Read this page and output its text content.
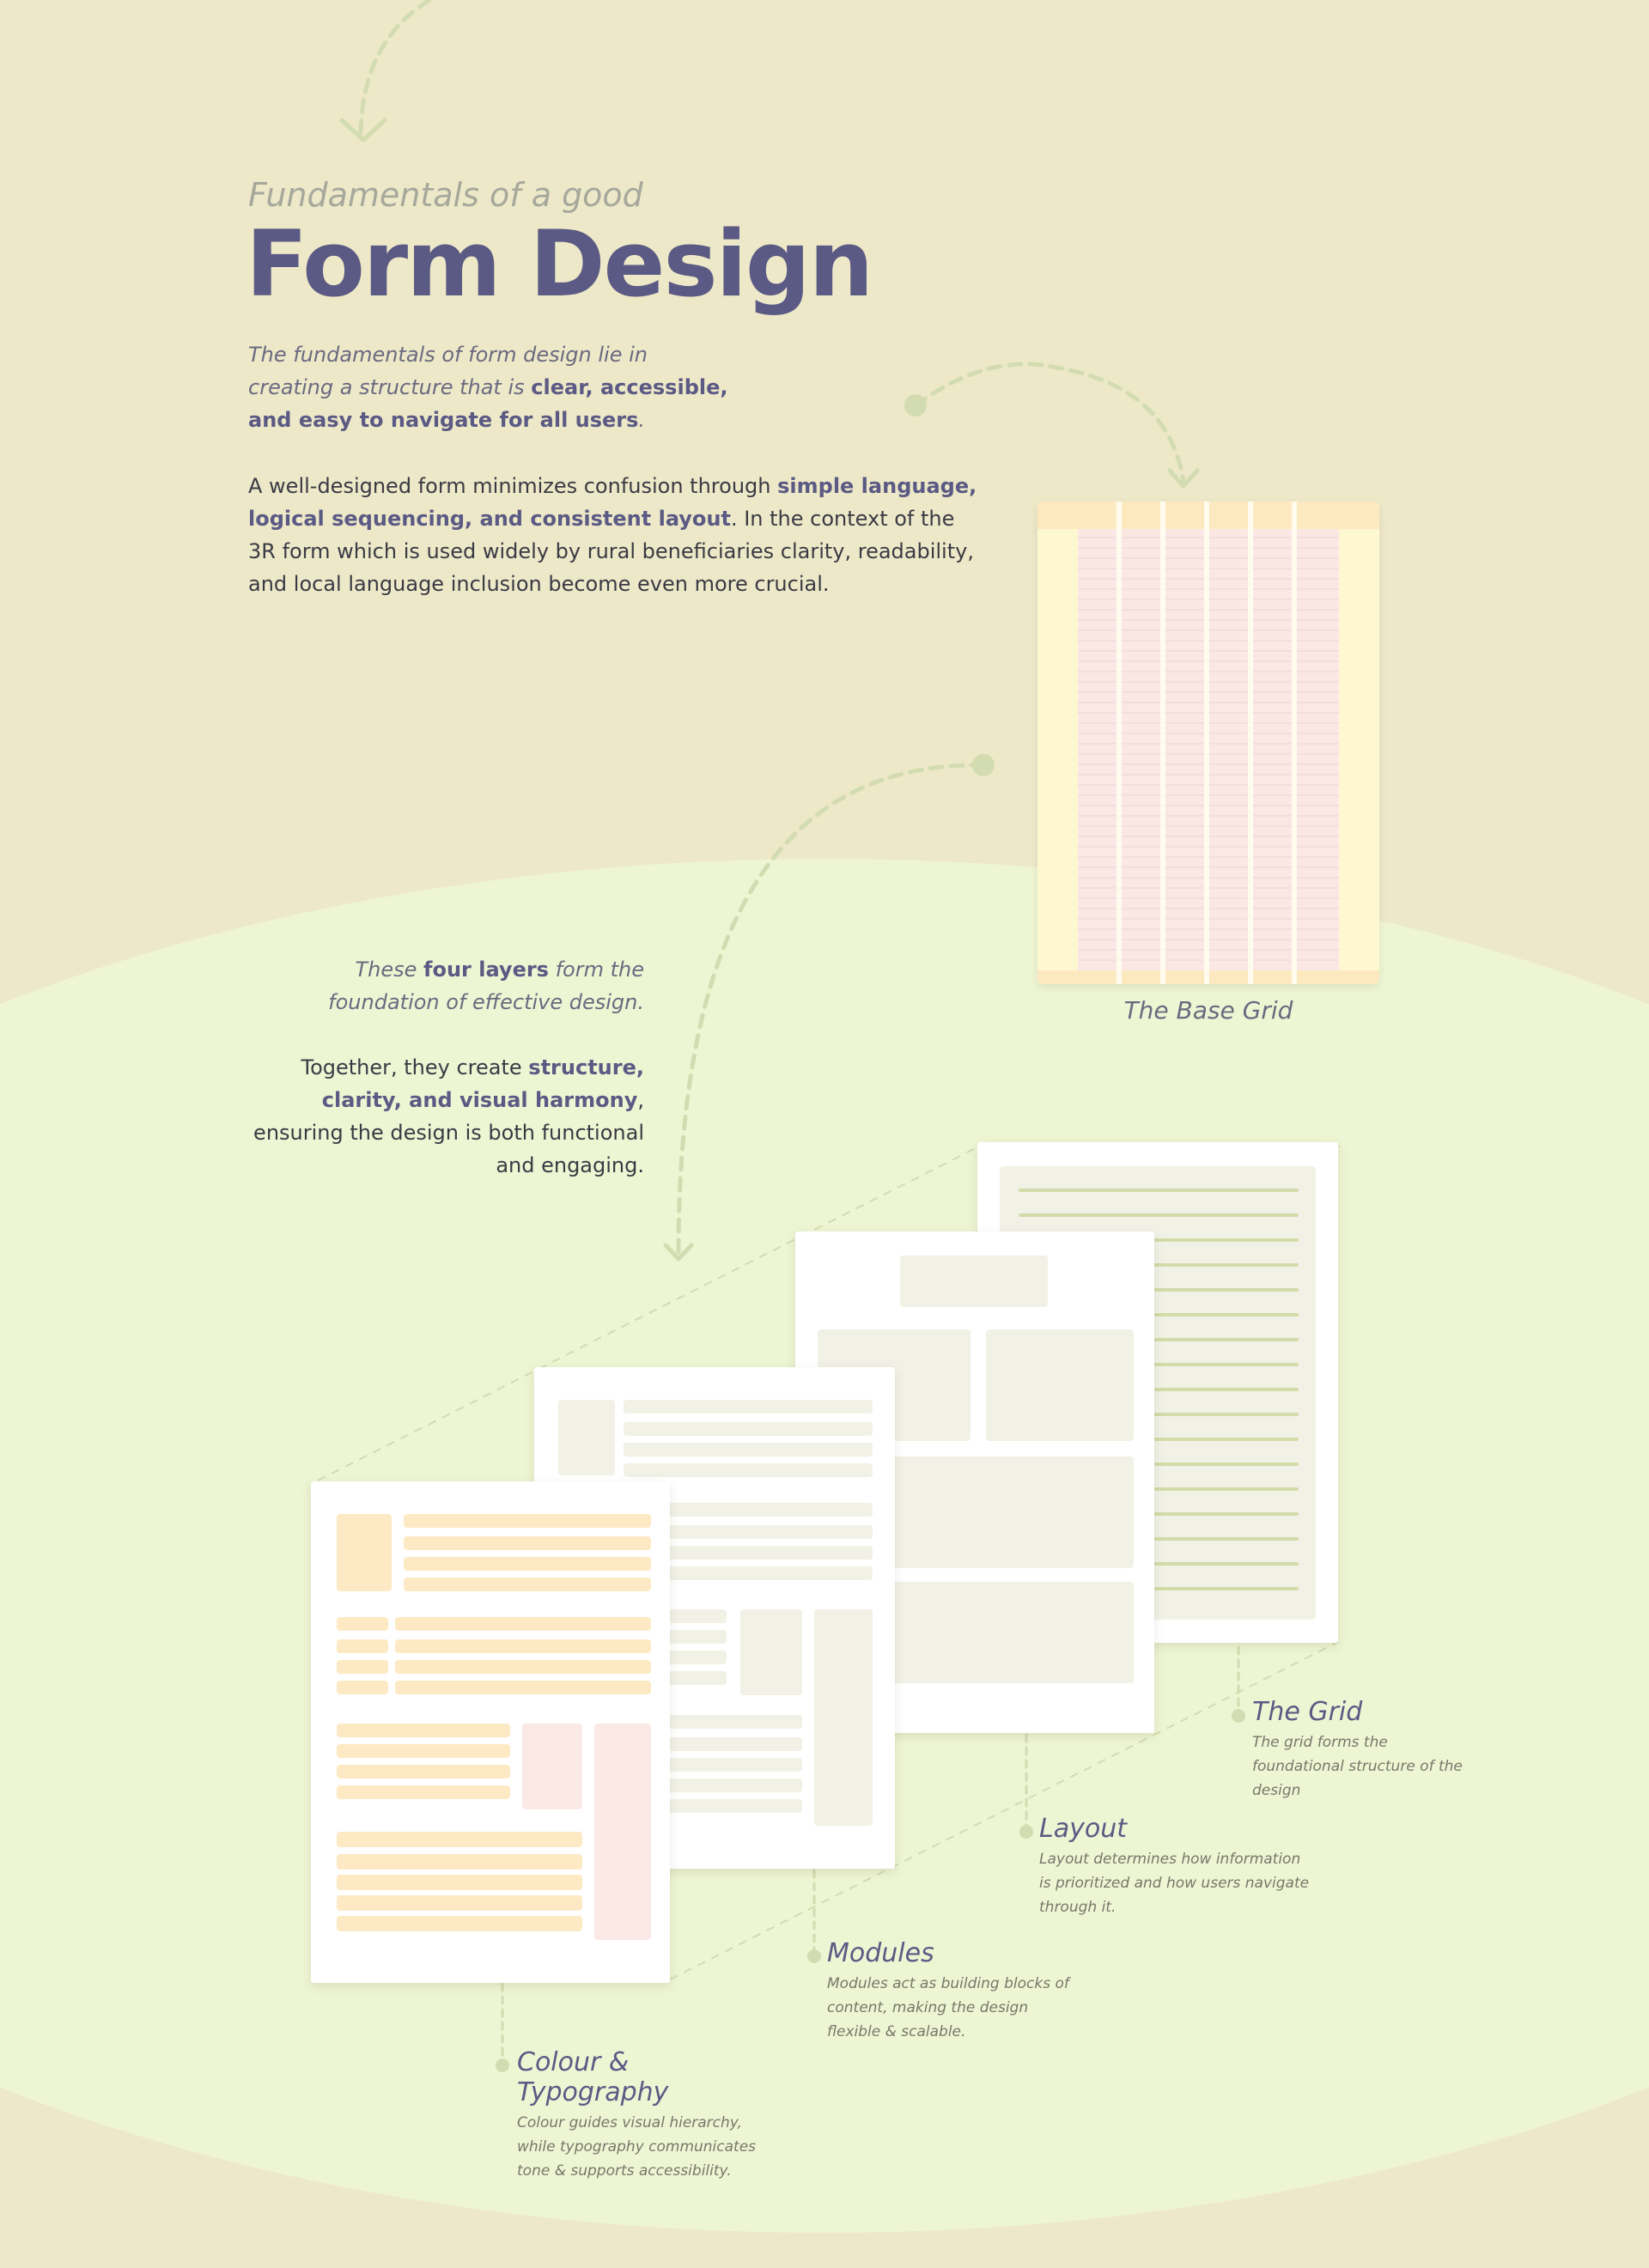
Fundamentals of a good
Form Design
The fundamentals of form design lie in creating a structure that is clear, accessible, and easy to navigate for all users.
A well-designed form minimizes confusion through simple language, logical sequencing, and consistent layout. In the context of the 3R form which is used widely by rural beneficiaries clarity, readability, and local language inclusion become even more crucial.
The Base Grid
These four layers form the foundation of effective design.
Together, they create structure, clarity, and visual harmony, ensuring the design is both functional and engaging.
The Grid
The grid forms the foundational structure of the design
Layout
Layout determines how information is prioritized and how users navigate through it.
Modules
Modules act as building blocks of content, making the design flexible & scalable.
Colour & Typography
Colour guides visual hierarchy, while typography communicates tone & supports accessibility.
